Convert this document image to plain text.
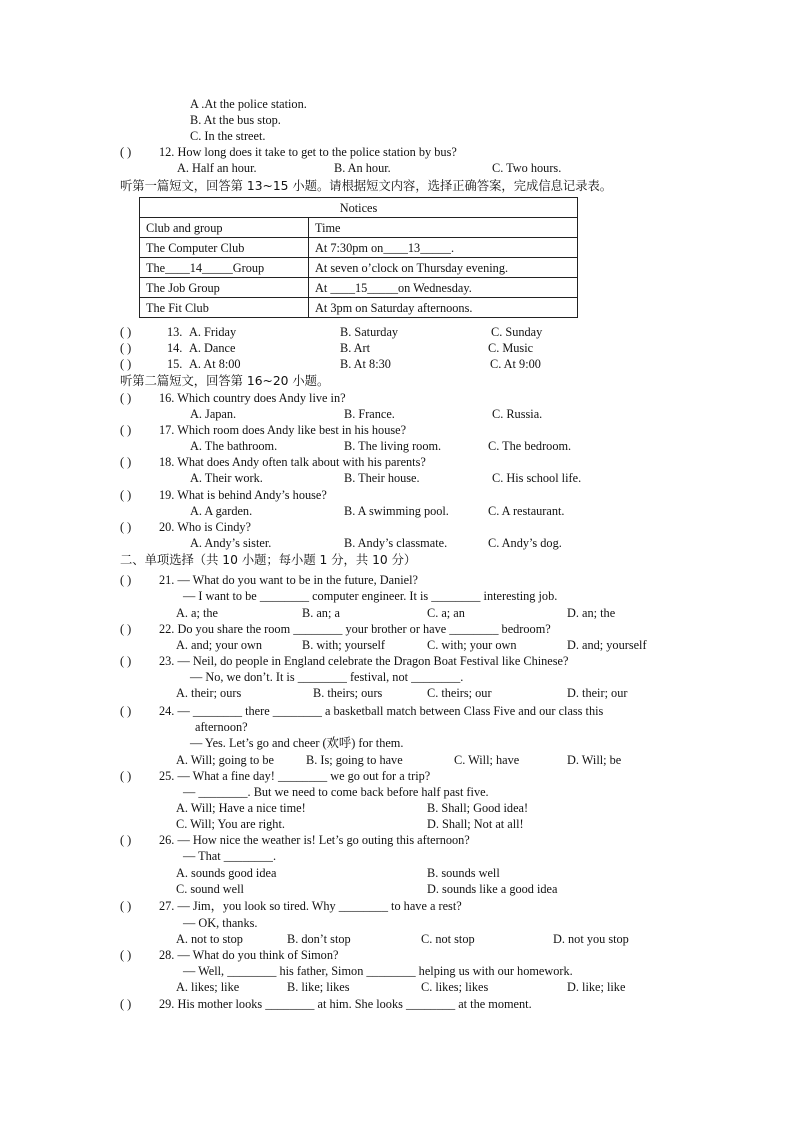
A .At the police station.
B. At the bus stop.
C. In the street.
( ) 12. How long does it take to get to the police station by bus?
A. Half an hour.	B. An hour.	C. Two hours.
听第一篇短文，回答第 13~15 小题。请根据短文内容，选择正确答案，完成信息记录表。
Notices	
Club and group	Time
The Computer Club	At 7:30pm on____13_____.
The____14_____Group	At seven o’clock on Thursday evening.
The Job Group	At ____15_____on Wednesday.
The Fit Club	At 3pm on Saturday afternoons.
( )	13. A. Friday	B. Saturday	C. Sunday
( )	14. A. Dance	B. Art	C. Music
( )	15. A. At 8:00	B. At 8:30	C. At 9:00
听第二篇短文，回答第 16~20 小题。
( ) 16. Which country does Andy live in?
A. Japan.	B. France.	C. Russia.
( ) 17. Which room does Andy like best in his house?
A. The bathroom.	B. The living room.	C. The bedroom.
( ) 18. What does Andy often talk about with his parents?
A. Their work.	B. Their house.	C. His school life.
( ) 19. What is behind Andy’s house?
A. A garden.	B. A swimming pool.	C. A restaurant.
( ) 20. Who is Cindy?
A. Andy’s sister.	B. Andy’s classmate.	C. Andy’s dog.
二、单项选择（共 10 小题；每小题 1 分，共 10 分）
( ) 21. — What do you want to be in the future, Daniel?
— I want to be ________ computer engineer. It is ________ interesting job.
A. a; the	B. an; a	C. a; an	D. an; the
( ) 22. Do you share the room ________ your brother or have ________ bedroom?
A. and; your own	B. with; yourself	C. with; your own	D. and; yourself
( ) 23. — Neil, do people in England celebrate the Dragon Boat Festival like Chinese?
— No, we don’t. It is ________ festival, not ________.
A. their; ours	B. theirs; ours	C. theirs; our	D. their; our
( ) 24. — ________ there ________ a basketball match between Class Five and our class this
afternoon?
— Yes. Let’s go and cheer (欢呼) for them.
A. Will; going to be	B. Is; going to have	C. Will; have	D. Will; be
( ) 25. — What a fine day! ________ we go out for a trip?
— ________. But we need to come back before half past five.
A. Will; Have a nice time!	B. Shall; Good idea!
C. Will; You are right.	D. Shall; Not at all!
( ) 26. — How nice the weather is! Let’s go outing this afternoon?
— That ________.
A. sounds good idea	B. sounds well
C. sound well	D. sounds like a good idea
( ) 27. — Jim，you look so tired. Why ________ to have a rest?
— OK, thanks.
A. not to stop	B. don’t stop	C. not stop	D. not you stop
( ) 28. — What do you think of Simon?
— Well, ________ his father, Simon ________ helping us with our homework.
A. likes; like	B. like; likes	C. likes; likes	D. like; like
( ) 29. His mother looks ________ at him. She looks ________ at the moment.
